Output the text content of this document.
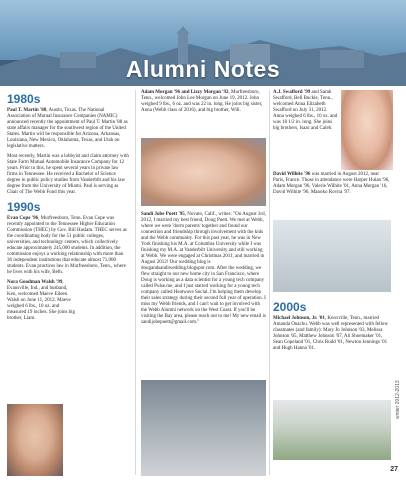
Alumni Notes
1980s
Paul T. Martin '88, Austin, Texas. The National Association of Mutual Insurance Companies (NAMIC) announced recently the appointment of Paul T. Martin '88 as state affairs manager for the southwest region of the United States. Martin will be responsible for Arizona, Arkansas, Louisiana, New Mexico, Oklahoma, Texas, and Utah on legislative matters.
Most recently, Martin was a lobbyist and claim attorney with State Farm Mutual Automobile Insurance Company for 12 years. Prior to this, he spent several years in private law firms in Tennessee. He received a Bachelor of Science degree in public policy studies from Vanderbilt and his law degree from the University of Miami. Paul is serving as Chair of The Webb Fund this year.
1990s
Evan Cope '96, Murfreesboro, Tenn. Evan Cope was recently appointed to the Tennessee Higher Education Commission (THEC) by Gov. Bill Haslam. THEC serves as the coordinating body for the 51 public colleges, universities, and technology centers, which collectively educate approximately 245,000 students. In addition, the commission enjoys a working relationship with more than 36 independent institutions that educate almost 71,000 students. Evan practices law in Murfreesboro, Tenn., where he lives with his wife, Beth.
Nora Goodman Walsh '99, Evansville, Ind., and husband, Ken, welcomed Maeve Eileen Walsh on June 11, 2012. Maeve weighed 6 lbs., 10 oz. and measured 19 inches. She joins big brother, Liam.
Adam Morgan '96 and Lizzy Morgan '92, Murfreesboro, Tenn., welcomed John Lee Morgan on June 19, 2012. John weighed 9 lbs., 6 oz. and was 22 in. long. He joins big sister, Anna (Webb class of 2016), and big brother, Will.
Sandi Jobe Puett '95, Novato, Calif., writes: "On August 3rd, 2012, I married my best friend, Doug Puett. We met at Webb, where we were 'dorm parents' together and found our connection and friendship through involvement with the kids and the Webb community. For this past year, he was in New York finishing his M.A. at Columbia University while I was finishing my M.A. at Vanderbilt University and still working at Webb. We were engaged at Christmas 2011, and married in August 2012! Our wedding blog is dougandsandiwedding.blogspot.com. After the wedding, we flew straight to our new home city in San Francisco, where Doug is working as a data scientist for a young tech company called Pulse.me, and I just started working for a young tech company called Heatwave Social. I'm helping them develop their sales strategy during their second full year of operation. I miss my Webb friends, and I can't wait to get involved with the Webb Alumni network on the West Coast. If you'll be visiting the Bay area, please reach out to me! My new email is sandijobepuett@gmail.com."
A.J. Swafford '99 and Sarah Swafford, Bell Buckle, Tenn., welcomed Anna Elizabeth Swafford on July 31, 2012. Anna weighed 6 lbs., 10 oz. and was 18 1/2 in. long. She joins big brothers, Isaac and Caleb.
David Wilhite '96 was married in August 2012, near Paris, France. Those in attendance were Harper Hulan '96, Adam Morgan '96, Valerie Wilhite '01, Anna Morgan '16, David Wilhite '96, Manoko Rovira '97.
2000s
Michael Johnson, Jr. '01, Knoxville, Tenn., married Amanda Onachu. Webb was well represented with fellow classmates (and family): Mary Jo Johnson '03, Melissa Johnson '05, Matthew Johnson '07, Ali Shoemaker '01, Sean Copeland '01, Chris Rudd '01, Newton Jennings '01 and Hugh Hanna '01.
winter 2012-2013
27
